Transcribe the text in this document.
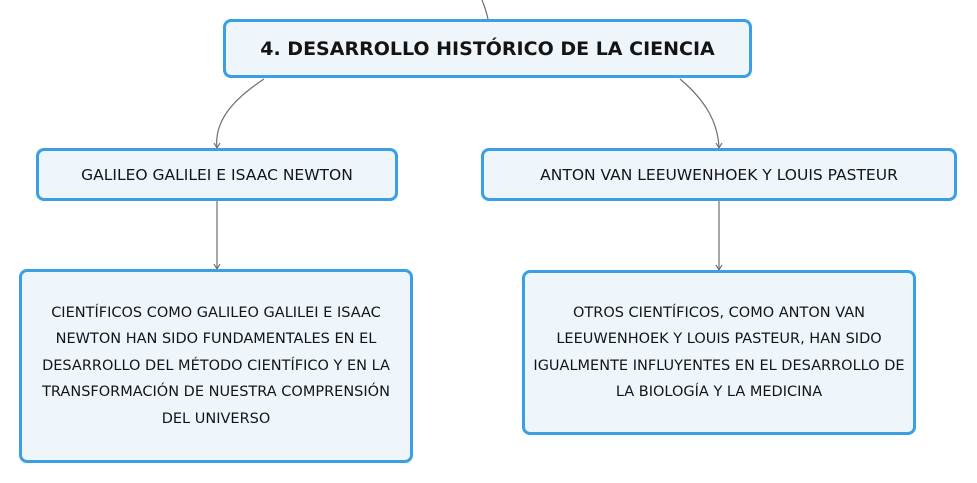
4. DESARROLLO HISTÓRICO DE LA CIENCIA
GALILEO GALILEI E ISAAC NEWTON	ANTON VAN LEEUWENHOEK Y LOUIS PASTEUR
CIENTÍFICOS COMO GALILEO GALILEI E ISAAC NEWTON HAN SIDO FUNDAMENTALES EN EL DESARROLLO DEL MÉTODO CIENTÍFICO Y EN LA TRANSFORMACIÓN DE NUESTRA COMPRENSIÓN DEL UNIVERSO
OTROS CIENTÍFICOS, COMO ANTON VAN LEEUWENHOEK Y LOUIS PASTEUR, HAN SIDO IGUALMENTE INFLUYENTES EN EL DESARROLLO DE LA BIOLOGÍA Y LA MEDICINA
